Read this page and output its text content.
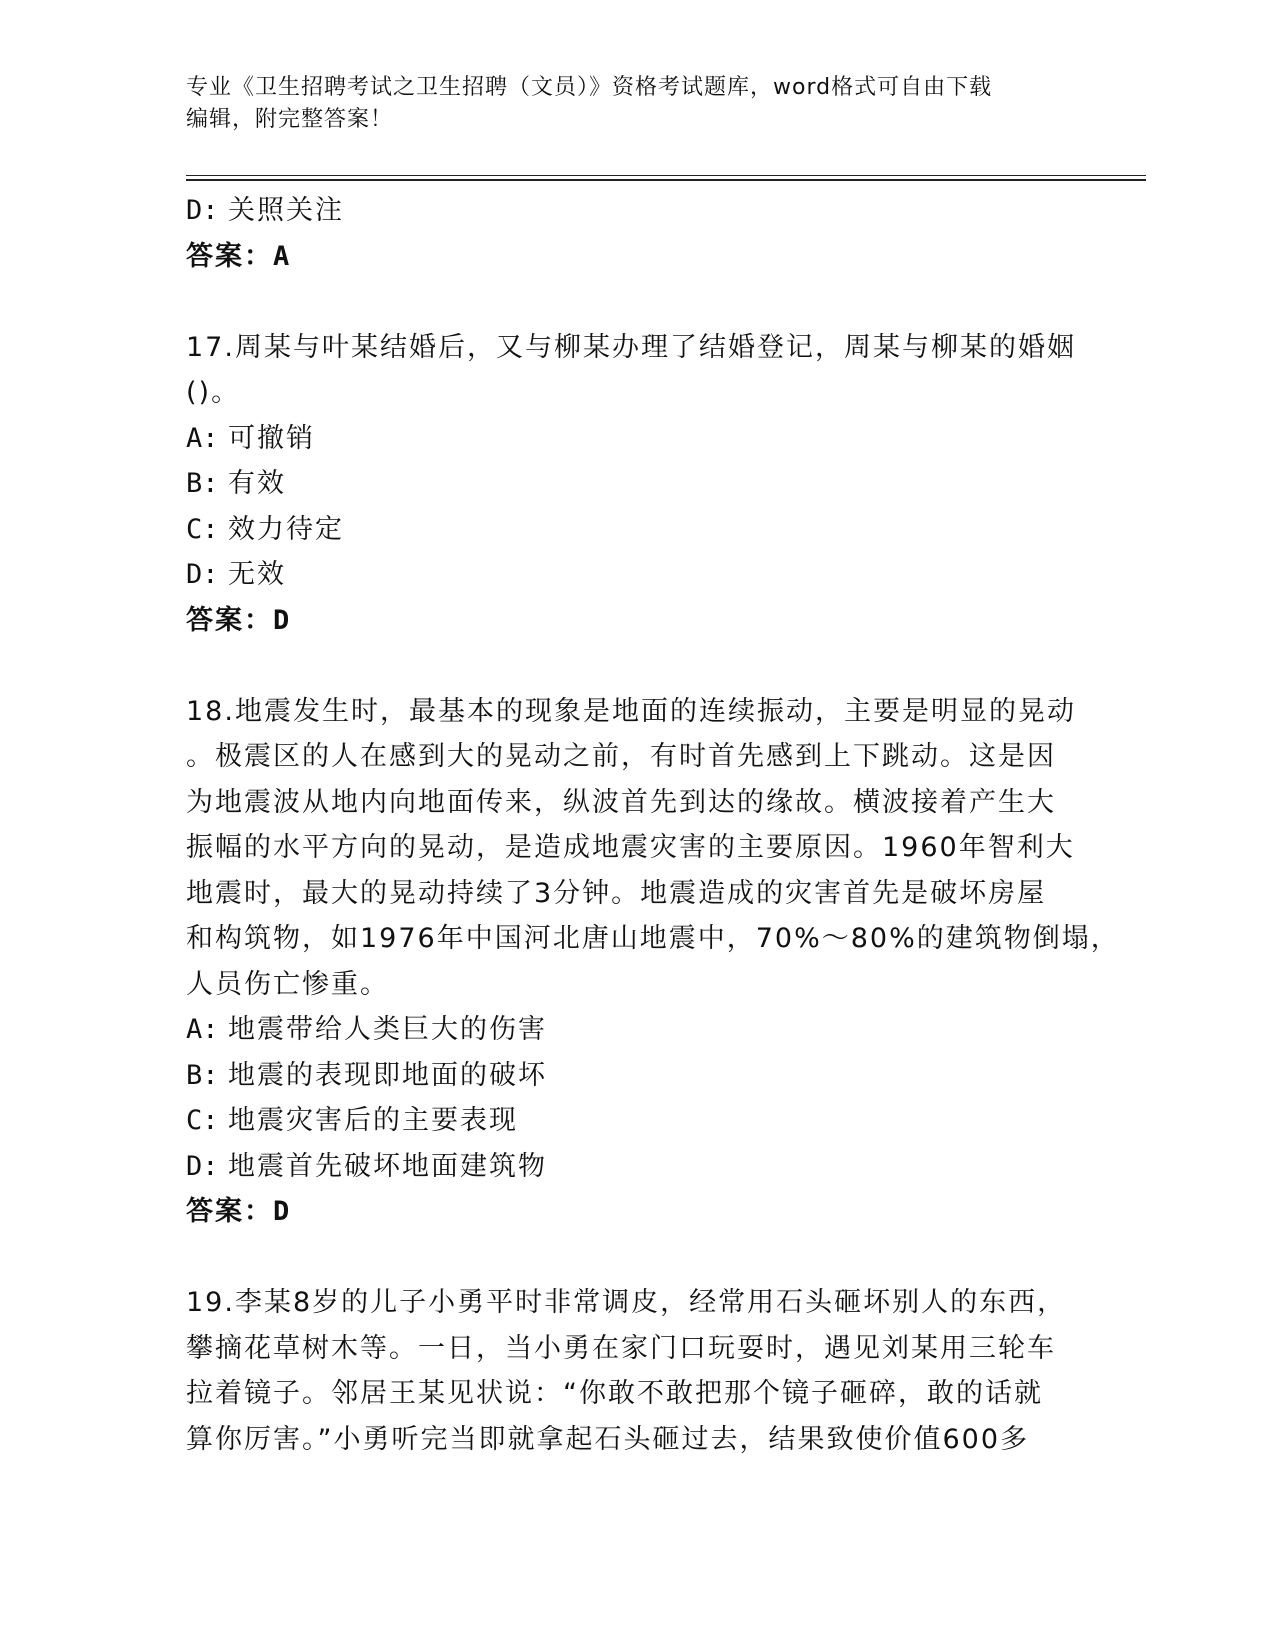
专业《卫生招聘考试之卫生招聘（文员）》资格考试题库，word格式可自由下载
编辑，附完整答案！
D: 关照关注
答案：A
17.周某与叶某结婚后，又与柳某办理了结婚登记，周某与柳某的婚姻
()。
A: 可撤销
B: 有效
C: 效力待定
D: 无效
答案：D
18.地震发生时，最基本的现象是地面的连续振动，主要是明显的晃动
。极震区的人在感到大的晃动之前，有时首先感到上下跳动。这是因
为地震波从地内向地面传来，纵波首先到达的缘故。横波接着产生大
振幅的水平方向的晃动，是造成地震灾害的主要原因。1960年智利大
地震时，最大的晃动持续了3分钟。地震造成的灾害首先是破坏房屋
和构筑物，如1976年中国河北唐山地震中，70%～80%的建筑物倒塌，
人员伤亡惨重。
A: 地震带给人类巨大的伤害
B: 地震的表现即地面的破坏
C: 地震灾害后的主要表现
D: 地震首先破坏地面建筑物
答案：D
19.李某8岁的儿子小勇平时非常调皮，经常用石头砸坏别人的东西，
攀摘花草树木等。一日，当小勇在家门口玩耍时，遇见刘某用三轮车
拉着镜子。邻居王某见状说：“你敢不敢把那个镜子砸碎，敢的话就
算你厉害。”小勇听完当即就拿起石头砸过去，结果致使价值600多
